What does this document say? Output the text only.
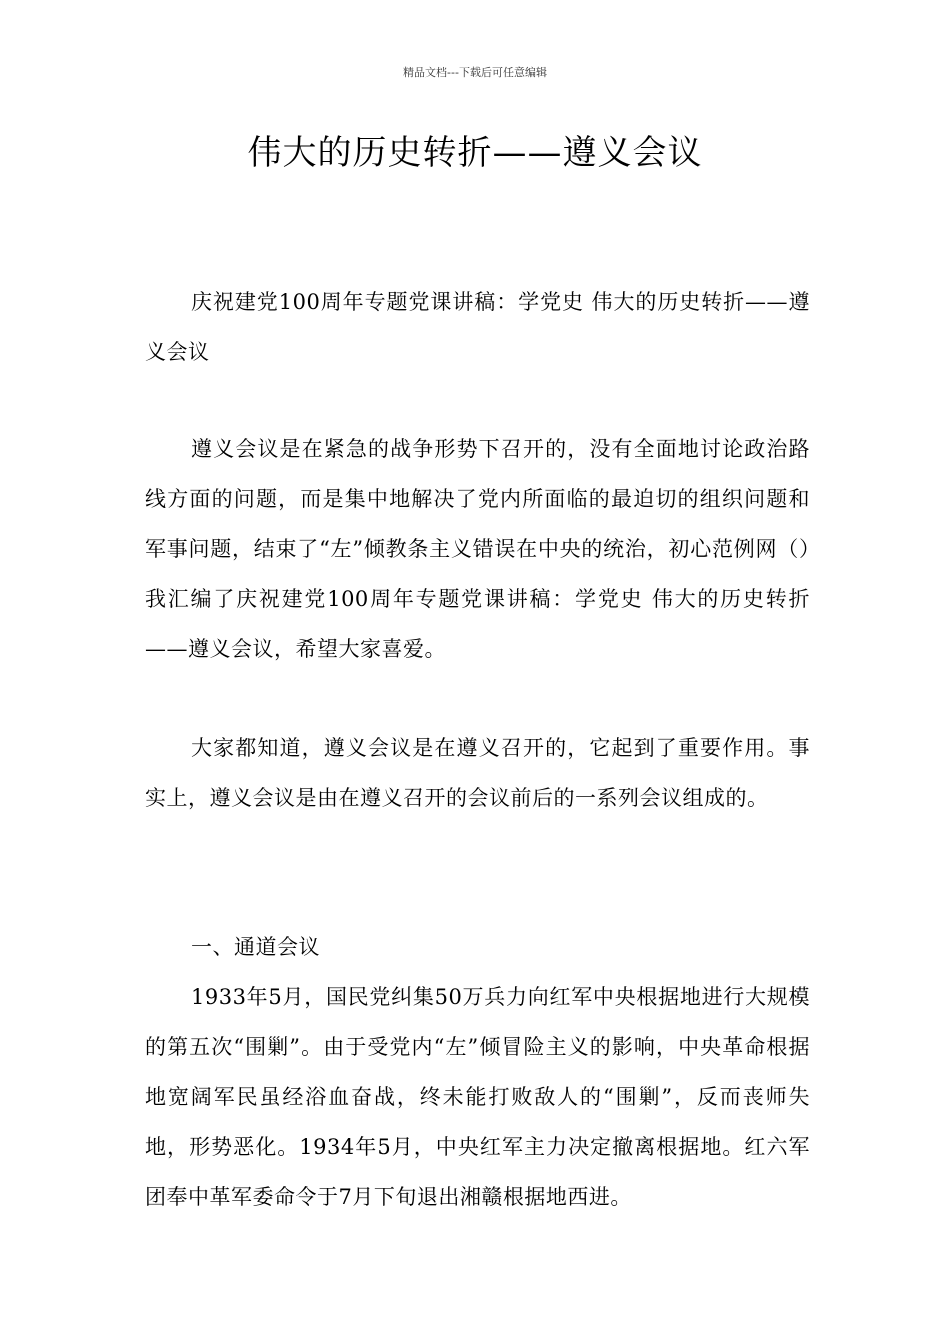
精品文档---下载后可任意编辑
伟大的历史转折——遵义会议

庆祝建党100周年专题党课讲稿：学党史 伟大的历史转折——遵义会议

遵义会议是在紧急的战争形势下召开的，没有全面地讨论政治路线方面的问题，而是集中地解决了党内所面临的最迫切的组织问题和军事问题，结束了“左”倾教条主义错误在中央的统治，初心范例网（）我汇编了庆祝建党100周年专题党课讲稿：学党史 伟大的历史转折——遵义会议，希望大家喜爱。

大家都知道，遵义会议是在遵义召开的，它起到了重要作用。事实上，遵义会议是由在遵义召开的会议前后的一系列会议组成的。

一、通道会议

1933年5月，国民党纠集50万兵力向红军中央根据地进行大规模的第五次“围剿”。由于受党内“左”倾冒险主义的影响，中央革命根据地宽阔军民虽经浴血奋战，终未能打败敌人的“围剿”，反而丧师失地，形势恶化。1934年5月，中央红军主力决定撤离根据地。红六军团奉中革军委命令于7月下旬退出湘赣根据地西进。
